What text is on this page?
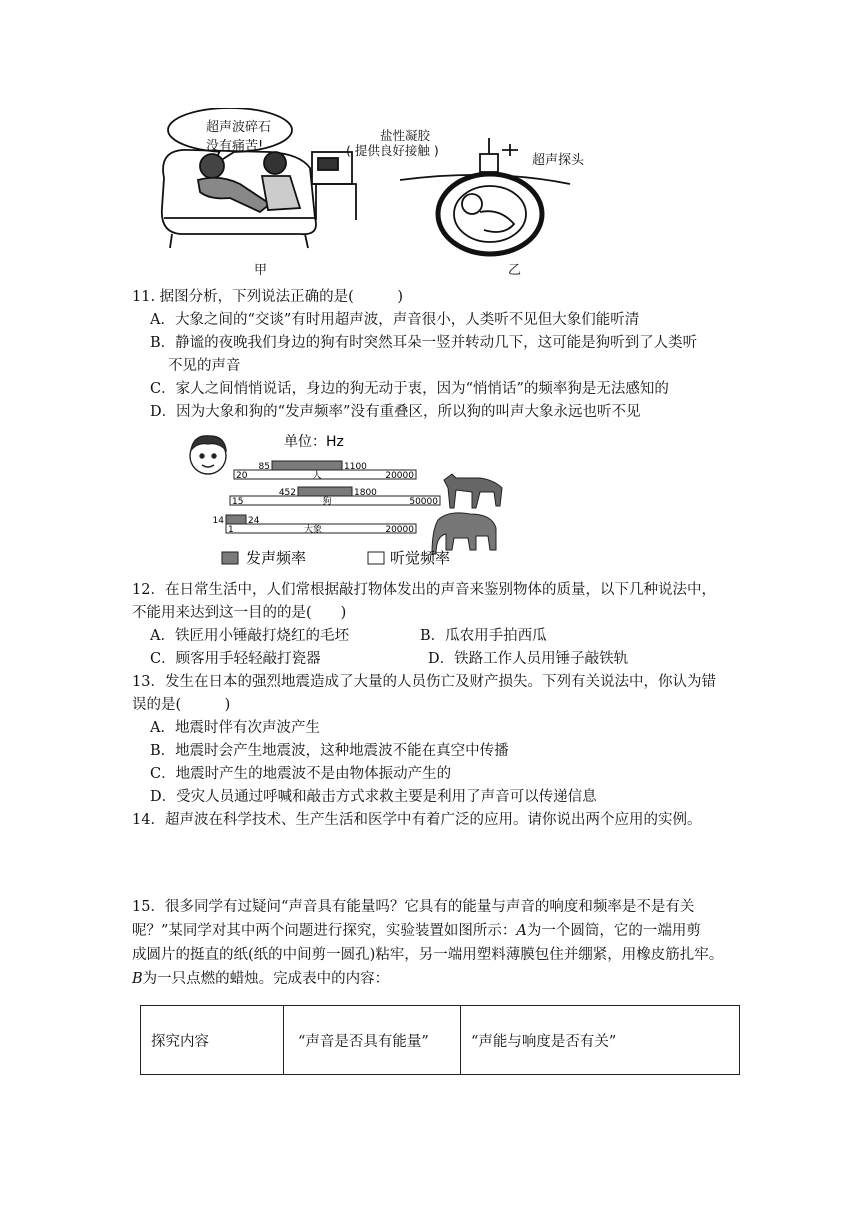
超声波碎石
没有痛苦!
盐性凝胶
( 提供良好接触 )
超声探头
甲	乙
11. 据图分析，下列说法正确的是(　　　)
A．大象之间的“交谈”有时用超声波，声音很小，人类听不见但大象们能听清
B．静谧的夜晚我们身边的狗有时突然耳朵一竖并转动几下，这可能是狗听到了人类听
不见的声音
C．家人之间悄悄说话，身边的狗无动于衷，因为“悄悄话”的频率狗是无法感知的
D．因为大象和狗的“发声频率”没有重叠区，所以狗的叫声大象永远也听不见
单位：Hz
85	1100
20	20000
人
452	1800
15	50000
狗
14	24
1	20000
大象
发声频率	听觉频率
12．在日常生活中，人们常根据敲打物体发出的声音来鉴别物体的质量，以下几种说法中，
不能用来达到这一目的的是(　　)
A．铁匠用小锤敲打烧红的毛坯	B．瓜农用手拍西瓜
C．顾客用手轻轻敲打瓷器	D．铁路工作人员用锤子敲铁轨
13．发生在日本的强烈地震造成了大量的人员伤亡及财产损失。下列有关说法中，你认为错
误的是(　　　)
A．地震时伴有次声波产生
B．地震时会产生地震波，这种地震波不能在真空中传播
C．地震时产生的地震波不是由物体振动产生的
D．受灾人员通过呼喊和敲击方式求救主要是利用了声音可以传递信息
14．超声波在科学技术、生产生活和医学中有着广泛的应用。请你说出两个应用的实例。
15．很多同学有过疑问“声音具有能量吗？它具有的能量与声音的响度和频率是不是有关
呢？”某同学对其中两个问题进行探究，实验装置如图所示：A为一个圆筒，它的一端用剪
成圆片的挺直的纸(纸的中间剪一圆孔)粘牢，另一端用塑料薄膜包住并绷紧，用橡皮筋扎牢。
B为一只点燃的蜡烛。完成表中的内容：
探究内容	“声音是否具有能量”	“声能与响度是否有关”
